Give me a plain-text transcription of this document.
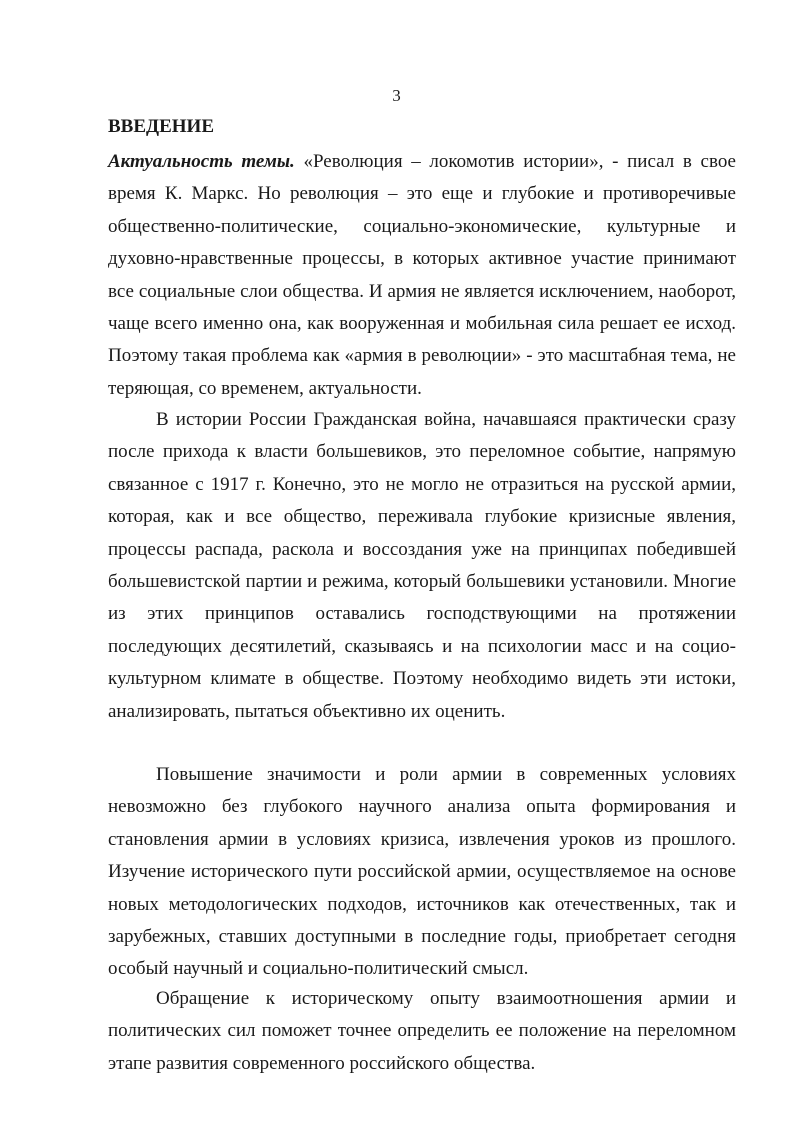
3

ВВЕДЕНИЕ

Актуальность темы. «Революция – локомотив истории», - писал в свое время К. Маркс. Но революция – это еще и глубокие и противоречивые общественно-политические, социально-экономические, культурные и духовно-нравственные процессы, в которых активное участие принимают все социальные слои общества. И армия не является исключением, наоборот, чаще всего именно она, как вооруженная и мобильная сила решает ее исход. Поэтому такая проблема как «армия в революции» - это масштабная тема, не теряющая, со временем, актуальности.

В истории России Гражданская война, начавшаяся практически сразу после прихода к власти большевиков, это переломное событие, напрямую связанное с 1917 г. Конечно, это не могло не отразиться на русской армии, которая, как и все общество, переживала глубокие кризисные явления, процессы распада, раскола и воссоздания уже на принципах победившей большевистской партии и режима, который большевики установили. Многие из этих принципов оставались господствующими на протяжении последующих десятилетий, сказываясь и на психологии масс и на социо-культурном климате в обществе. Поэтому необходимо видеть эти истоки, анализировать, пытаться объективно их оценить.

Повышение значимости и роли армии в современных условиях невозможно без глубокого научного анализа опыта формирования и становления армии в условиях кризиса, извлечения уроков из прошлого. Изучение исторического пути российской армии, осуществляемое на основе новых методологических подходов, источников как отечественных, так и зарубежных, ставших доступными в последние годы, приобретает сегодня особый научный и социально-политический смысл.

Обращение к историческому опыту взаимоотношения армии и политических сил поможет точнее определить ее положение на переломном этапе развития современного российского общества.
